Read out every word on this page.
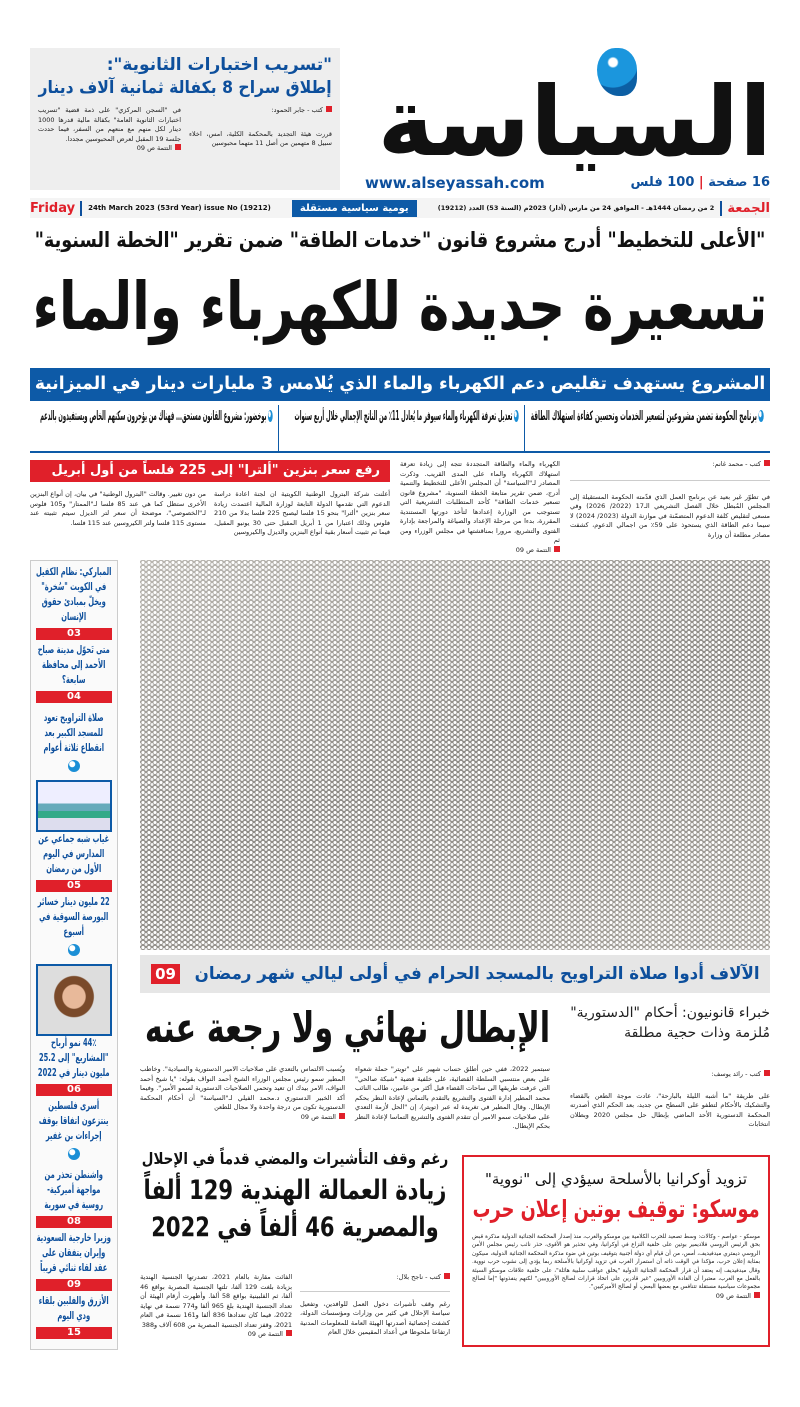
"تسريب اختبارات الثانوية":
إطلاق سراح 8 بكفالة ثمانية آلاف دينار
كتب - جابر الحمود:
قررت هيئة التجديد بالمحكمة الكلية، امس، اخلاء سبيل 8 متهمين من أصل 11 متهما محبوسين
في "السجن المركزي" على ذمة قضية "تسريب اختبارات الثانوية العامة" بكفالة مالية قدرها 1000 دينار لكل منهم مع منعهم من السفر، فيما حددت جلسة 19 المقبل لعرض المحبوسين مجددا.
التتمة ص 09 السياسة
www.alseyassah.com	16 صفحة | 100 فلس
Friday	24th March 2023 (53rd Year) issue No (19212)	يومية سياسية مستقلة	الجمعة
2 من رمضان 1444هـ - الموافق 24 من مارس (آذار) 2023م (السنة 53) العدد (19212)
"الأعلى للتخطيط" أدرج مشروع قانون "خدمات الطاقة" ضمن تقرير "الخطة السنوية"
تسعيرة جديدة للكهرباء والماء
المشروع يستهدف تقليص دعم الكهرباء والماء الذي يُلامس 3 مليارات دينار في الميزانية
برنامج الحكومة تضمن مشروعين لتسعير الخدمات وتحسين كفاءة استهلاك الطاقة
تعديل تعرفة الكهرباء والماء سيوفر ما يُعادل 11٪ من الناتج الإجمالي خلال أربع سنوات
بوخضور: مشروع القانون مستحق... فهناك من يؤجرون سكنهم الخاص ويستفيدون بالدعم
كتب - محمد غانم:
في تطوّر غير بعيد عن برنامج العمل الذي قدّمته الحكومة المستقيلة إلى المجلس المُبطل خلال الفصل التشريعي الـ17 (2022/ 2026) وفي مسعى لتقليص كلفة الدعوم المتضمّنة في موازنة الدولة (2023/ 2024) لا سيما دعم الطاقة الذي يستحوذ على 59٪ من اجمالي الدعوم، كشفت مصادر مطلعة أن وزارة
الكهرباء والماء والطاقة المتجددة تتجه إلى زيادة تعرفة استهلاك الكهرباء والماء على المدى القريب. وذكرت المصادر لـ"السياسة" أن المجلس الأعلى للتخطيط والتنمية أدرج، ضمن تقرير متابعة الخطة السنوية، "مشروع قانون تسعير خدمات الطاقة" كأحد المتطلبات التشريعية التي تستوجب من الوزارة إعدادها لتأخذ دورتها المستندية المقررة، بدءا من مرحلة الإعداد والصياغة والمراجعة بإدارة الفتوى والتشريع، مرورا بمناقشتها في مجلس الوزراء ومن ثم
التتمة ص 09
رفع سعر بنزين "ألترا" إلى 225 فلساً من أول أبريل
أعلنت شركة البترول الوطنية الكويتية ان لجنة اعادة دراسة الدعوم التي تقدمها الدولة التابعة لوزارة المالية اعتمدت زيادة سعر بنزين "ألترا" بنحو 15 فلسا ليصبح 225 فلسا بدلا من 210 فلوس وذلك اعتبارا من 1 أبريل المقبل حتى 30 يونيو المقبل، فيما تم تثبيت أسعار بقية أنواع البنزين والديزل والكيروسين
من دون تغيير. وقالت "البترول الوطنية" في بيان، إن أنواع البنزين الأخرى ستظل كما هي عند 85 فلسا لـ"الممتاز" و105 فلوس لـ"الخصوصي"، موضحة أن سعر لتر الديزل سيتم تثبيته عند مستوى 115 فلسا ولتر الكيروسين عند 115 فلسا.
المباركي: نظام الكفيل في الكويت "سُخرة" ويخلّ بمبادئ حقوق الإنسان
03
متى تَحوّل مدينة صباح الأحمد إلى محافظة سابعة؟
04
صلاة التراويح تعود للمسجد الكبير بعد انقطاع ثلاثة أعوام
غياب شبه جماعي عن المدارس في اليوم الأول من رمضان
05
22 مليون دينار خسائر البورصة السوقية في أسبوع
44٪ نمو أرباح "المشاريع" إلى 25.2 مليون دينار في 2022
06
أسرى فلسطين ينتزعون اتفاقا بوقف إجراءات بن غفير
واشنطن تحذر من مواجهة أميركية- روسية في سورية
08
وزيرا خارجية السعودية وإيران يتفقان على عقد لقاء ثنائي قريباً
09
الأزرق والفلبين بلقاء ودي اليوم
15
الآلاف أدوا صلاة التراويح بالمسجد الحرام في أولى ليالي شهر رمضان
09
خبراء قانونيون: أحكام "الدستورية" مُلزمة وذات حجية مطلقة
الإبطال نهائي ولا رجعة عنه
كتب - رائد يوسف:
على طريقة "ما أشبه الليلة بالبارحة"، عادت موجة الطعن بالقضاء والتشكيك بالأحكام لتطفو على السطح من جديد، بعد الحكم الذي أصدرته المحكمة الدستورية الأحد الماضي بإبطال حل مجلس 2020 وبطلان انتخابات
سبتمبر 2022، ففي حين أطلق حساب شهير على "تويتر" حملة شعواء على بعض منتسبي السلطة القضائية، على خلفية قضية "شبكة صالحي" التي عرفت طريقها الى ساحات القضاء قبل أكثر من عامين، طالب النائب محمد المطير إدارة الفتوى والتشريع بالتقدم بالتماس لإعادة النظر بحكم الإبطال. وقال المطير في تغريدة له عبر (تويتر)، إن "الحل لأزمة التعدي على صلاحيات سمو الامير أن تتقدم الفتوى والتشريع التماسا لإعادة النظر بحكم الإبطال.
ويُسبب الالتماس بالتعدي على صلاحيات الامير الدستورية والسيادية". وخاطب المطير سمو رئيس مجلس الوزراء الشيخ أحمد النواف بقوله: "يا شيخ أحمد النواف، الامر بيدك ان تعيد وتحمي الصلاحيات الدستورية لسمو الأمير". وفيما أكد الخبير الدستوري د.محمد الفيلي لـ"السياسة" أن أحكام المحكمة الدستورية تكون من درجة واحدة ولا مجال للطعن
التتمة ص 09
رغم وقف التأشيرات والمضي قدماً في الإحلال
زيادة العمالة الهندية 129 ألفاً والمصرية 46 ألفاً في 2022
كتب - ناجح بلال:
رغم وقف تأشيرات دخول العمل للوافدين، وتفعيل سياسة الإحلال في كثير من وزارات ومؤسسات الدولة، كشفت إحصائية أصدرتها الهيئة العامة للمعلومات المدنية ارتفاعا ملحوظا في أعداد المقيمين خلال العام
الفائت مقارنة بالعام 2021، تصدرتها الجنسية الهندية بزيادة بلغت 129 ألفا، تلتها الجنسية المصرية بواقع 46 ألفا، ثم الفلبينية بواقع 58 ألفا. وأظهرت أرقام الهيئة أن تعداد الجنسية الهندية بلغ 965 ألفا و774 نسمة في نهاية 2022، فيما كان تعدادها 836 ألفا و161 نسمة في العام 2021، وقفز تعداد الجنسية المصرية من 608 آلاف و388
التتمة ص 09
تزويد أوكرانيا بالأسلحة سيؤدي إلى "نووية"
موسكو: توقيف بوتين إعلان حرب
موسكو - عواصم - وكالات: وسط تصعيد للحرب الكلامية بين موسكو والغرب، منذ إصدار المحكمة الجنائية الدولية مذكرة قبض بحق الرئيس الروسي فلاديمير بوتين على خلفية النزاع في أوكرانيا، وفي تحذير هو الأقوى، حذر نائب رئيس مجلس الأمن الروسي ديمتري ميدفيديف، أمس، من أن قيام أي دولة أجنبية بتوقيف بوتين في ضوء مذكرة المحكمة الجنائية الدولية، سيكون بمثابة إعلان حرب، مؤكدا في الوقت ذاته أن استمرار الغرب في تزويد أوكرانيا بالأسلحة ربما يؤدي إلى نشوب حرب نووية. وقال ميدفيديف إنه يعتقد أن قرار المحكمة الجنائية الدولية "يخلق عواقب سلبية هائلة"، على خلفية علاقات موسكو السيئة بالفعل مع الغرب، معتبرا أن القادة الأوروبيين "غير قادرين على اتخاذ قرارات لصالح الأوروبيين" لكنهم ينفذونها "إما لصالح مجموعات سياسية مستقلة تتنافس مع بعضها البعض، أو لصالح الأميركيين".
التتمة ص 09
